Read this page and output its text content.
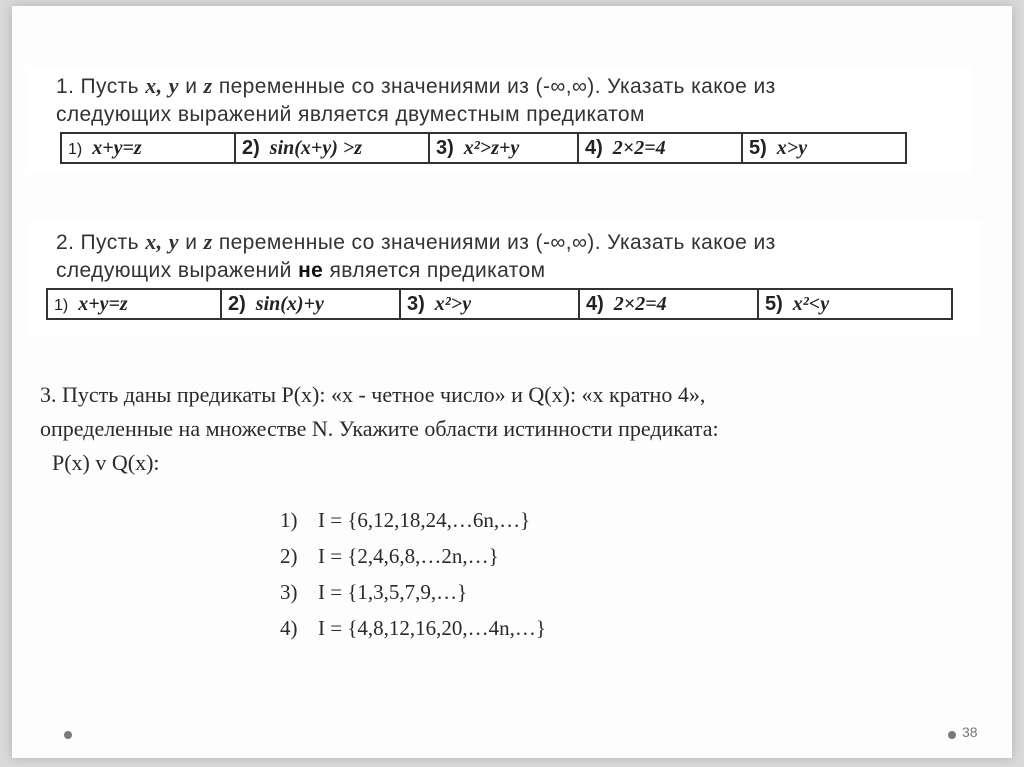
1. Пусть x, y и z переменные со значениями из (-∞,∞). Указать какое из
следующих выражений является двуместным предикатом
1) x+y=z	2) sin(x+y) >z	3) x²>z+y	4) 2×2=4	5) x>y
2. Пусть x, y и z переменные со значениями из (-∞,∞). Указать какое из
следующих выражений не является предикатом
1) x+y=z	2) sin(x)+y	3) x²>y	4) 2×2=4	5) x²<y
3. Пусть даны предикаты P(x): «x - четное число» и Q(x): «x кратно 4»,
определенные на множестве N. Укажите области истинности предиката:
P(x) v Q(x):
1) I = {6,12,18,24,…6n,…}
2) I = {2,4,6,8,…2n,…}
3) I = {1,3,5,7,9,…}
4) I = {4,8,12,16,20,…4n,…}
38
